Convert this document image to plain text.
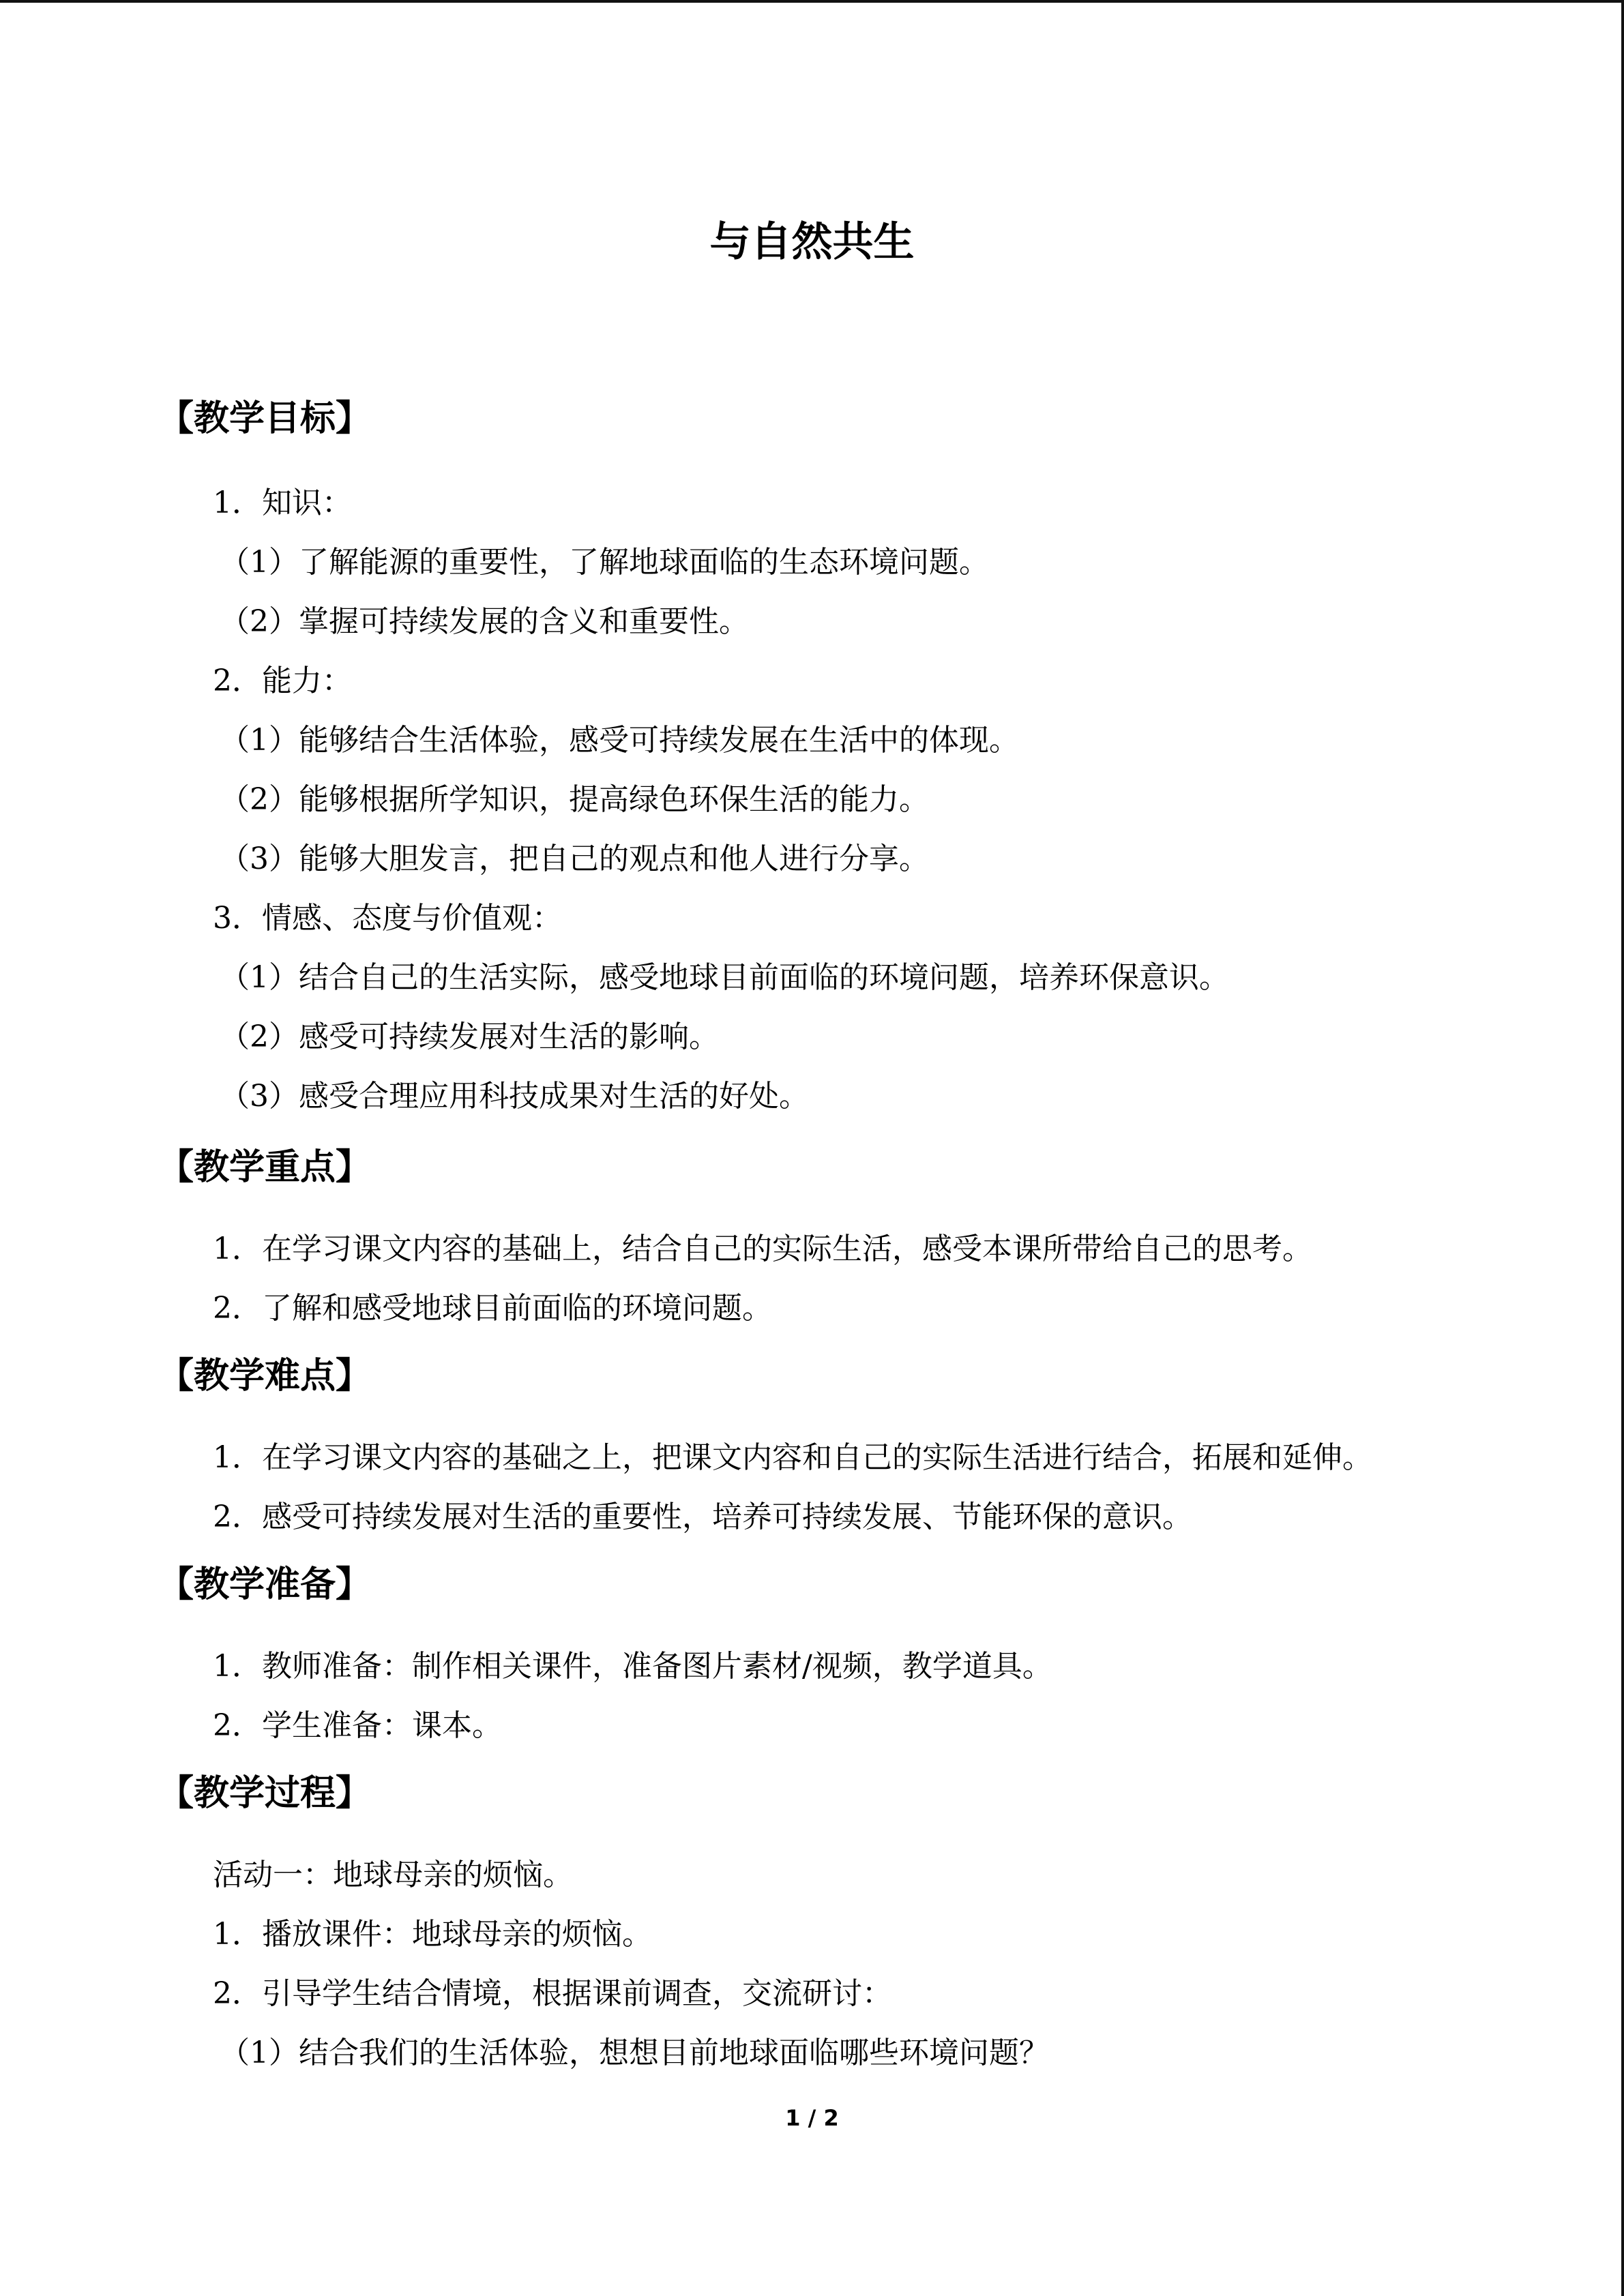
与自然共生
【教学目标】
1．知识：
（1）了解能源的重要性，了解地球面临的生态环境问题。
（2）掌握可持续发展的含义和重要性。
2．能力：
（1）能够结合生活体验，感受可持续发展在生活中的体现。
（2）能够根据所学知识，提高绿色环保生活的能力。
（3）能够大胆发言，把自己的观点和他人进行分享。
3．情感、态度与价值观：
（1）结合自己的生活实际，感受地球目前面临的环境问题，培养环保意识。
（2）感受可持续发展对生活的影响。
（3）感受合理应用科技成果对生活的好处。
【教学重点】
1．在学习课文内容的基础上，结合自己的实际生活，感受本课所带给自己的思考。
2．了解和感受地球目前面临的环境问题。
【教学难点】
1．在学习课文内容的基础之上，把课文内容和自己的实际生活进行结合，拓展和延伸。
2．感受可持续发展对生活的重要性，培养可持续发展、节能环保的意识。
【教学准备】
1．教师准备：制作相关课件，准备图片素材/视频，教学道具。
2．学生准备：课本。
【教学过程】
活动一：地球母亲的烦恼。
1．播放课件：地球母亲的烦恼。
2．引导学生结合情境，根据课前调查，交流研讨：
（1）结合我们的生活体验，想想目前地球面临哪些环境问题？
1 / 2
